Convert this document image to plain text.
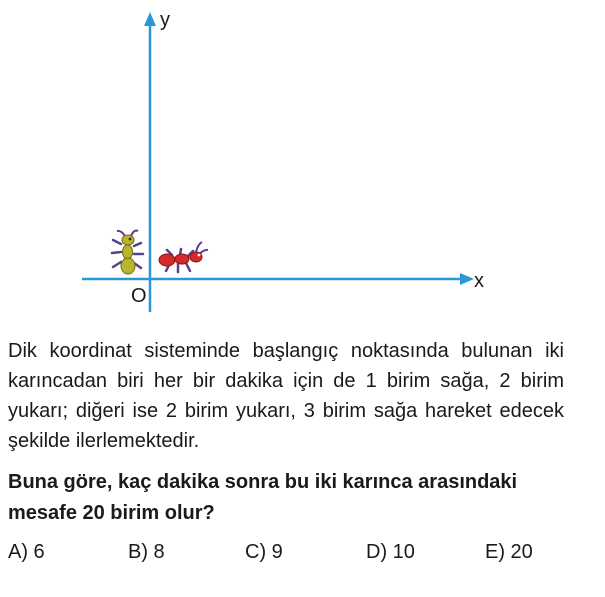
y
x
O

Dik koordinat sisteminde başlangıç noktasında bulunan iki karıncadan biri her bir dakika için de 1 birim sağa, 2 birim yukarı; diğeri ise 2 birim yukarı, 3 birim sağa hareket edecek şekilde ilerlemektedir.

Buna göre, kaç dakika sonra bu iki karınca arasındaki mesafe 20 birim olur?

A) 6	B) 8	C) 9	D) 10	E) 20
